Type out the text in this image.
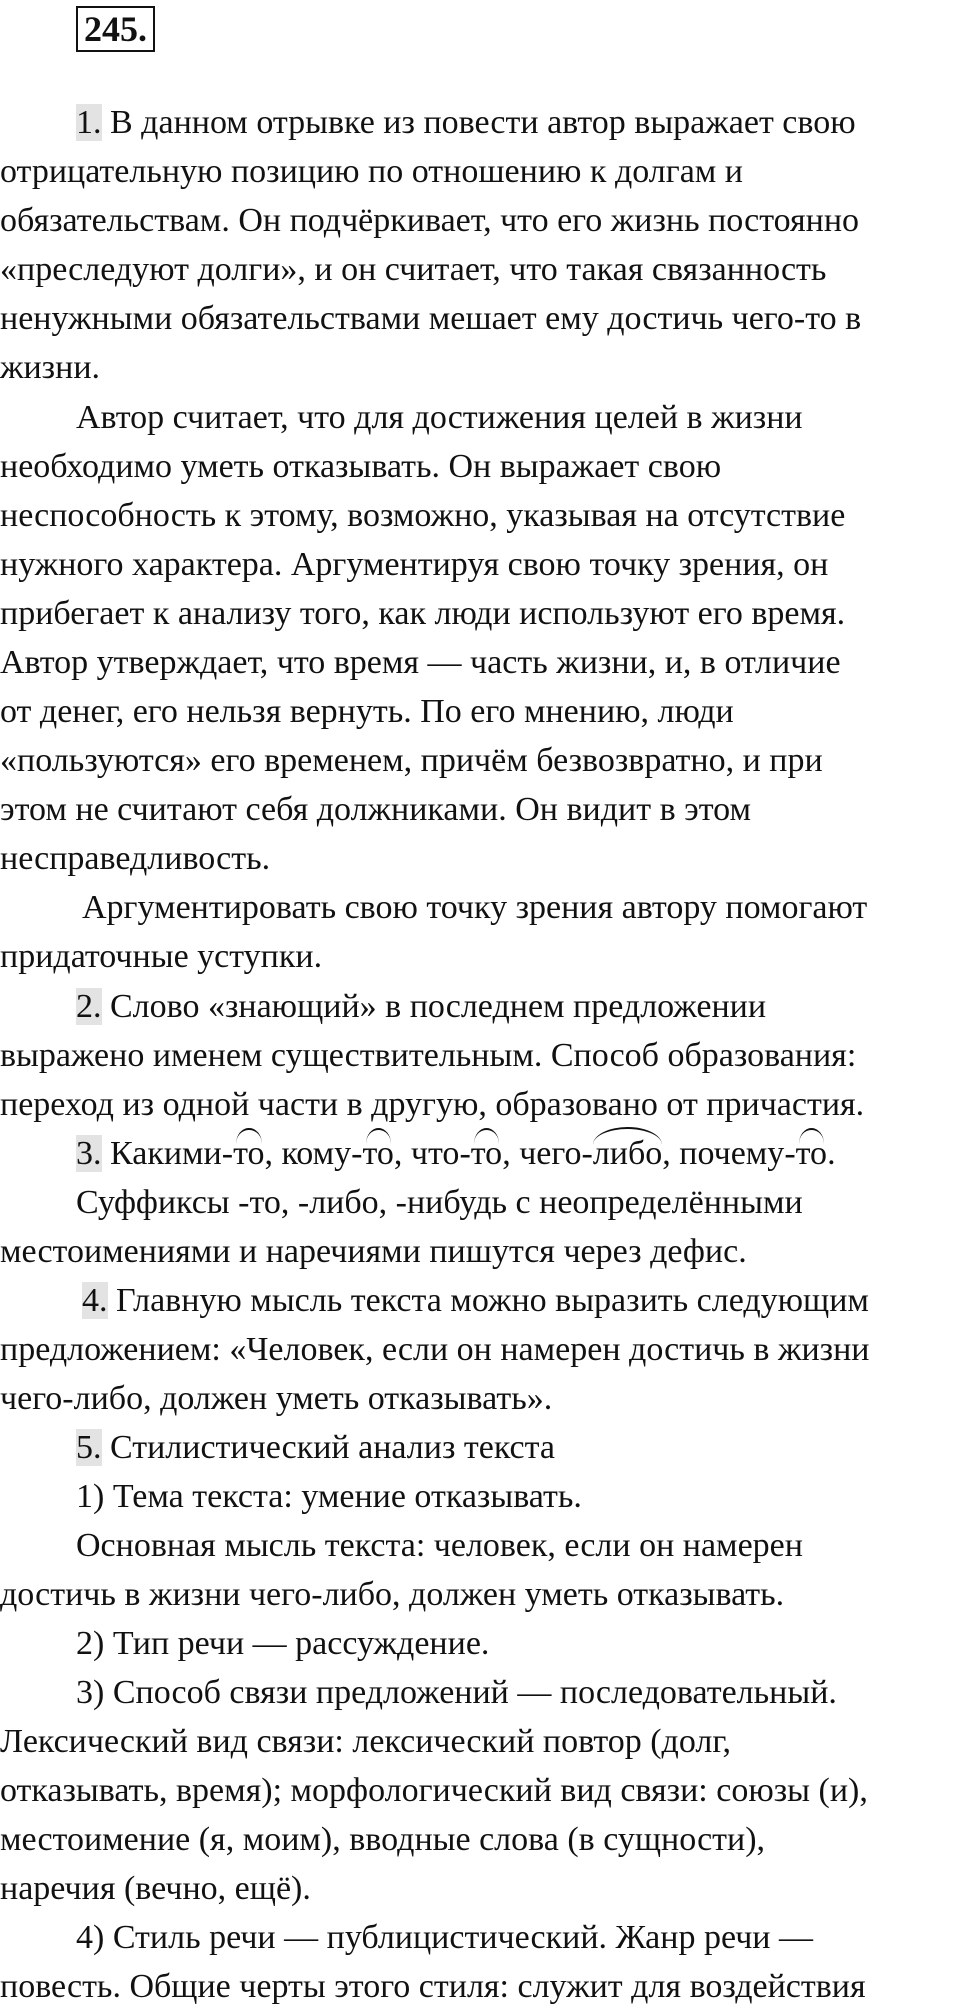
245.
1. В данном отрывке из повести автор выражает свою
отрицательную позицию по отношению к долгам и
обязательствам. Он подчёркивает, что его жизнь постоянно
«преследуют долги», и он считает, что такая связанность
ненужными обязательствами мешает ему достичь чего-то в
жизни.
Автор считает, что для достижения целей в жизни
необходимо уметь отказывать. Он выражает свою
неспособность к этому, возможно, указывая на отсутствие
нужного характера. Аргументируя свою точку зрения, он
прибегает к анализу того, как люди используют его время.
Автор утверждает, что время — часть жизни, и, в отличие
от денег, его нельзя вернуть. По его мнению, люди
«пользуются» его временем, причём безвозвратно, и при
этом не считают себя должниками. Он видит в этом
несправедливость.
Аргументировать свою точку зрения автору помогают
придаточные уступки.
2. Слово «знающий» в последнем предложении
выражено именем существительным. Способ образования:
переход из одной части в другую, образовано от причастия.
3. Какими-то, кому-то, что-то, чего-либо, почему-то.
Суффиксы -то, -либо, -нибудь с неопределёнными
местоимениями и наречиями пишутся через дефис.
4. Главную мысль текста можно выразить следующим
предложением: «Человек, если он намерен достичь в жизни
чего-либо, должен уметь отказывать».
5. Стилистический анализ текста
1) Тема текста: умение отказывать.
Основная мысль текста: человек, если он намерен
достичь в жизни чего-либо, должен уметь отказывать.
2) Тип речи — рассуждение.
3) Способ связи предложений — последовательный.
Лексический вид связи: лексический повтор (долг,
отказывать, время); морфологический вид связи: союзы (и),
местоимение (я, моим), вводные слова (в сущности),
наречия (вечно, ещё).
4) Стиль речи — публицистический. Жанр речи —
повесть. Общие черты этого стиля: служит для воздействия
